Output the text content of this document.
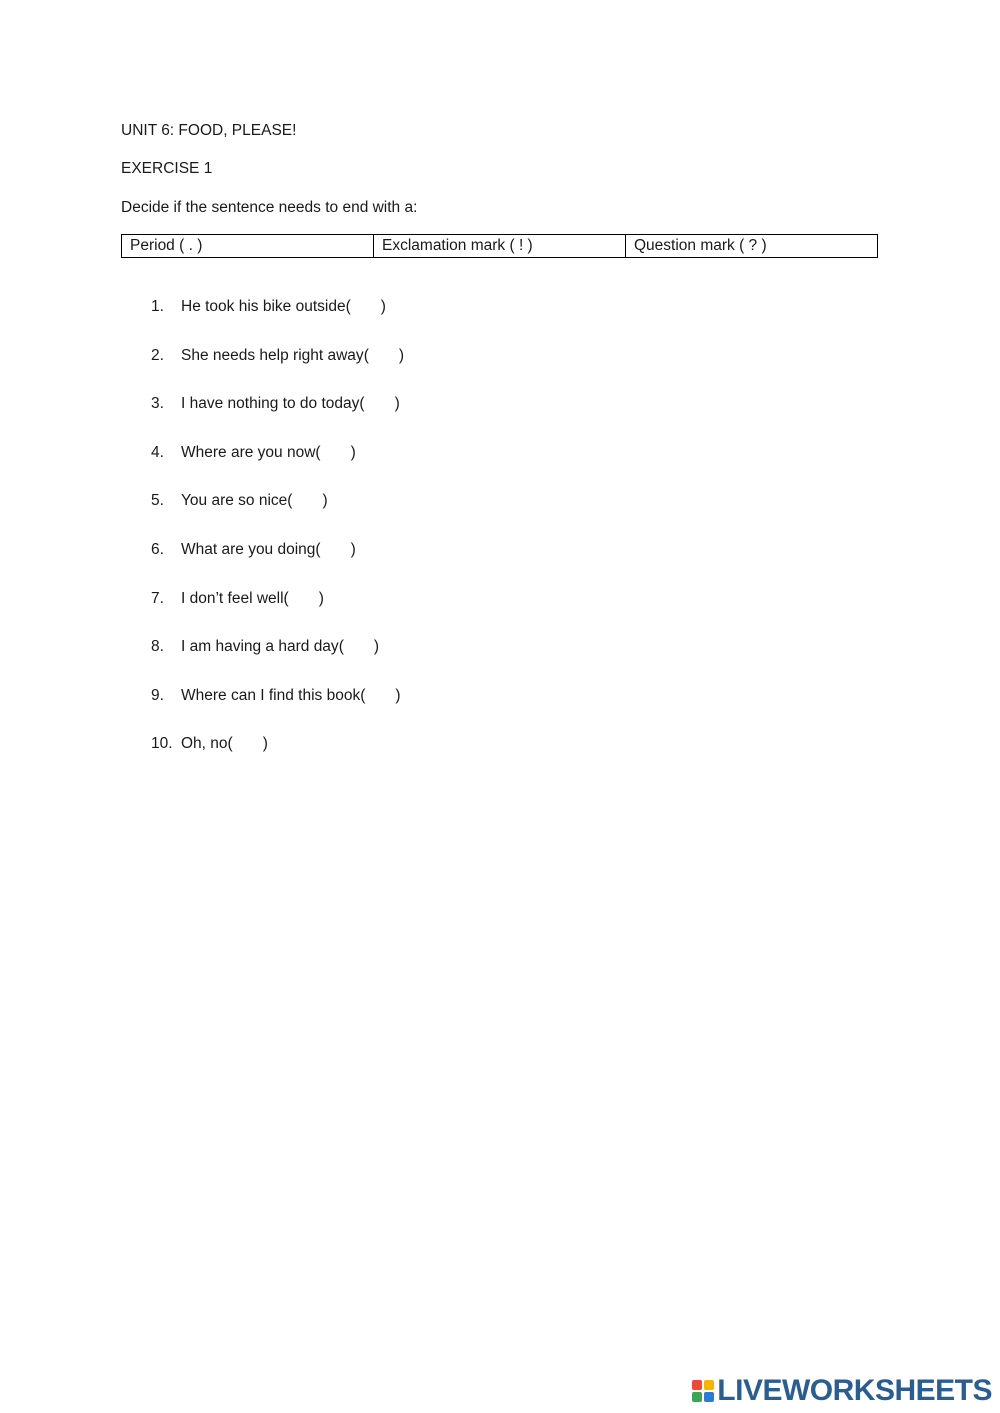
UNIT 6: FOOD, PLEASE!
EXERCISE 1
Decide if the sentence needs to end with a:
Period ( . )	Exclamation mark ( ! )	Question mark ( ? )
1. He took his bike outside( )
2. She needs help right away( )
3. I have nothing to do today( )
4. Where are you now( )
5. You are so nice( )
6. What are you doing( )
7. I don’t feel well( )
8. I am having a hard day( )
9. Where can I find this book( )
10. Oh, no( )
LIVEWORKSHEETS
